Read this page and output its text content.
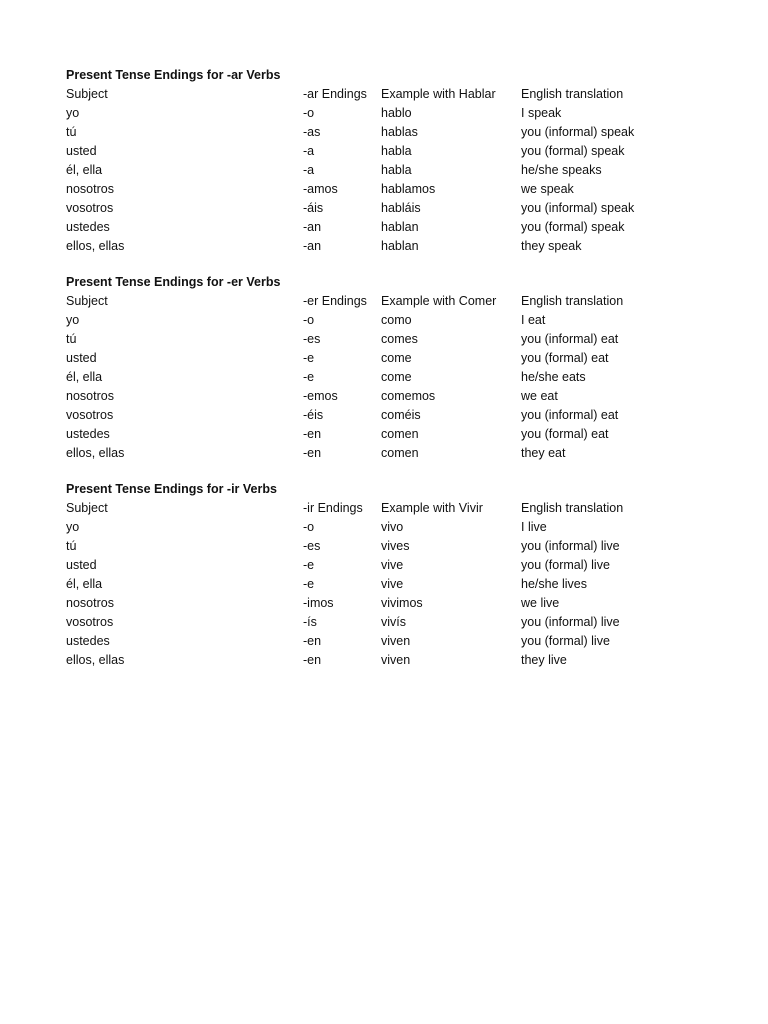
Present Tense Endings for -ar Verbs
Subject	-ar Endings	Example with Hablar	English translation
yo	-o	hablo	I speak
tú	-as	hablas	you (informal) speak
usted	-a	habla	you (formal) speak
él, ella	-a	habla	he/she speaks
nosotros	-amos	hablamos	we speak
vosotros	-áis	habláis	you (informal) speak
ustedes	-an	hablan	you (formal) speak
ellos, ellas	-an	hablan	they speak
Present Tense Endings for -er Verbs
Subject	-er Endings	Example with Comer	English translation
yo	-o	como	I eat
tú	-es	comes	you (informal) eat
usted	-e	come	you (formal) eat
él, ella	-e	come	he/she eats
nosotros	-emos	comemos	we eat
vosotros	-éis	coméis	you (informal) eat
ustedes	-en	comen	you (formal) eat
ellos, ellas	-en	comen	they eat
Present Tense Endings for -ir Verbs
Subject	-ir Endings	Example with Vivir	English translation
yo	-o	vivo	I live
tú	-es	vives	you (informal) live
usted	-e	vive	you (formal) live
él, ella	-e	vive	he/she lives
nosotros	-imos	vivimos	we live
vosotros	-ís	vivís	you (informal) live
ustedes	-en	viven	you (formal) live
ellos, ellas	-en	viven	they live
